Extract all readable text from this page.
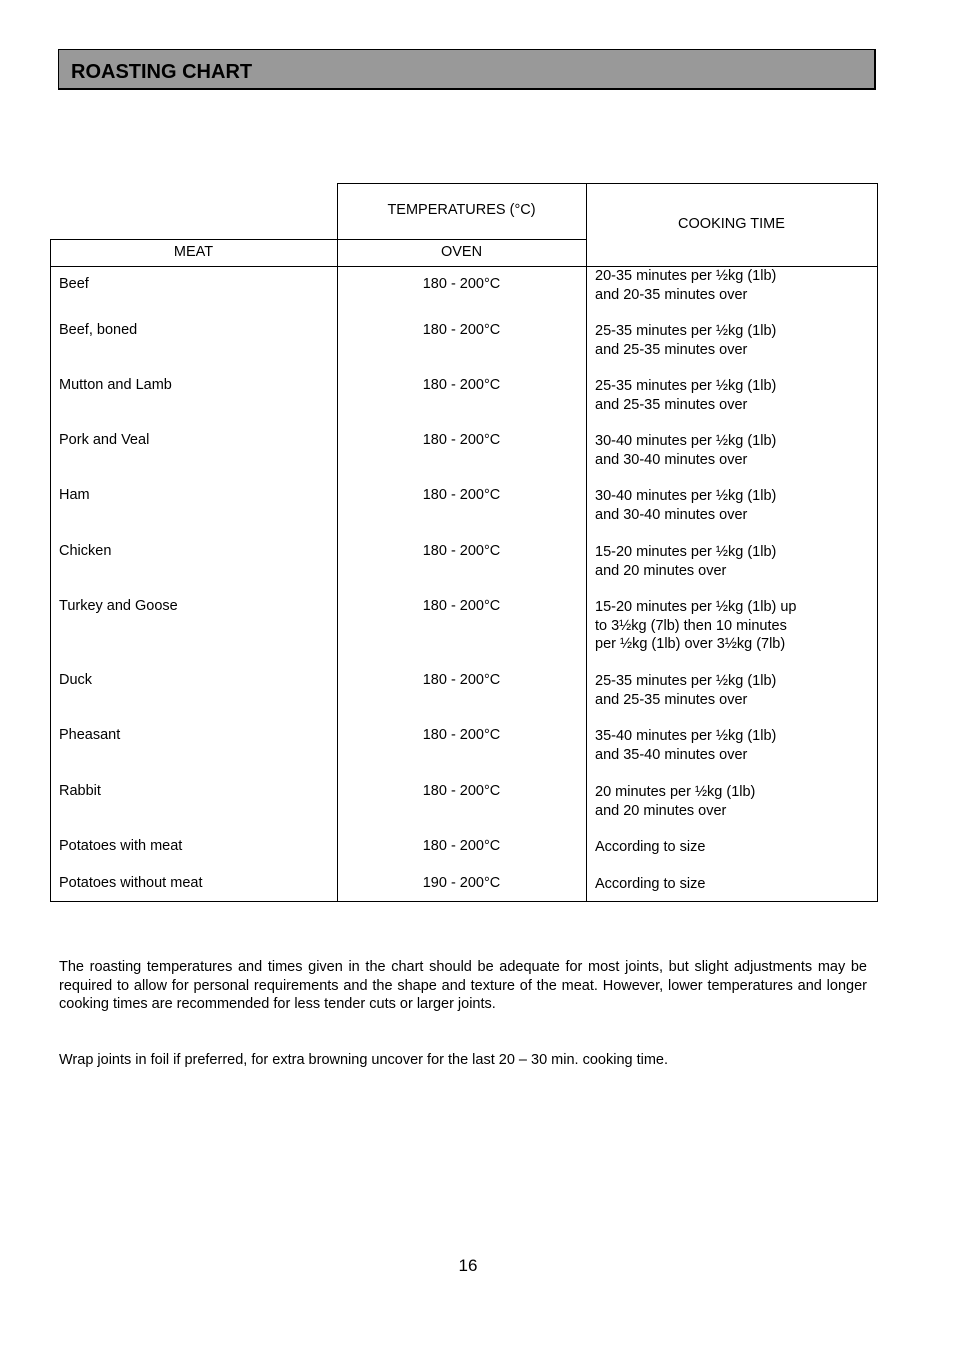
ROASTING CHART
TEMPERATURES (°C)
COOKING TIME
MEAT	OVEN
Beef	180 - 200°C	20-35 minutes per ½kg (1lb)
and 20-35 minutes over
Beef, boned	180 - 200°C	25-35 minutes per ½kg (1lb)
and 25-35 minutes over
Mutton and Lamb	180 - 200°C	25-35 minutes per ½kg (1lb)
and 25-35 minutes over
Pork and Veal	180 - 200°C	30-40 minutes per ½kg (1lb)
and 30-40 minutes over
Ham	180 - 200°C	30-40 minutes per ½kg (1lb)
and 30-40 minutes over
Chicken	180 - 200°C	15-20 minutes per ½kg (1lb)
and 20 minutes over
Turkey and Goose	180 - 200°C	15-20 minutes per ½kg (1lb) up
to 3½kg (7lb) then 10 minutes
per ½kg (1lb) over 3½kg (7lb)
Duck	180 - 200°C	25-35 minutes per ½kg (1lb)
and 25-35 minutes over
Pheasant	180 - 200°C	35-40 minutes per ½kg (1lb)
and 35-40 minutes over
Rabbit	180 - 200°C	20 minutes per ½kg (1lb)
and 20 minutes over
Potatoes with meat	180 - 200°C	According to size
Potatoes without meat	190 - 200°C	According to size
The roasting temperatures and times given in the chart should be adequate for most joints, but slight adjustments may be required to allow for personal requirements and the shape and texture of the meat. However, lower temperatures and longer cooking times are recommended for less tender cuts or larger joints.
Wrap joints in foil if preferred, for extra browning uncover for the last 20 – 30 min. cooking time.
16
